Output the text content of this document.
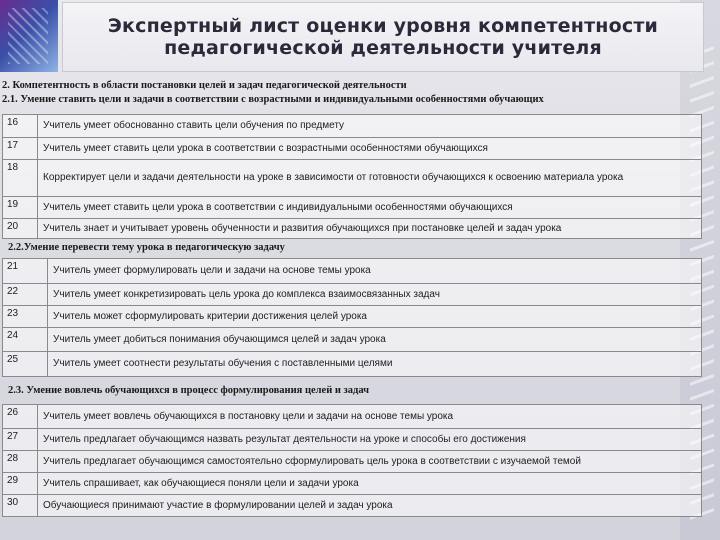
Экспертный лист оценки уровня компетентности
педагогической деятельности учителя
2. Компетентность в области постановки целей и задач педагогической деятельности
2.1. Умение ставить цели и задачи в соответствии с возрастными и индивидуальными особенностями обучающих
16	Учитель умеет обоснованно ставить цели обучения по предмету
17	Учитель умеет ставить цели урока в соответствии с возрастными особенностями обучающихся
18	Корректирует цели и задачи деятельности на уроке в зависимости от готовности обучающихся к освоению материала урока
19	Учитель умеет ставить цели урока в соответствии с индивидуальными особенностями обучающихся
20	Учитель знает и учитывает уровень обученности и развития обучающихся при постановке целей и задач урока
2.2.Умение перевести тему урока в педагогическую задачу
21	Учитель умеет формулировать цели и задачи на основе темы урока
22	Учитель умеет конкретизировать цель урока до комплекса взаимосвязанных задач
23	Учитель может сформулировать критерии достижения целей урока
24	Учитель умеет добиться понимания обучающимся целей и задач урока
25	Учитель умеет соотнести результаты обучения с поставленными целями
2.3. Умение вовлечь обучающихся в процесс формулирования целей и задач
26	Учитель умеет вовлечь обучающихся в постановку цели и задачи на основе темы урока
27	Учитель предлагает обучающимся назвать результат деятельности на уроке и способы его достижения
28	Учитель предлагает обучающимся самостоятельно сформулировать цель урока в соответствии с изучаемой темой
29	Учитель спрашивает, как обучающиеся поняли цели и задачи урока
30	Обучающиеся принимают участие в формулировании целей и задач урока
